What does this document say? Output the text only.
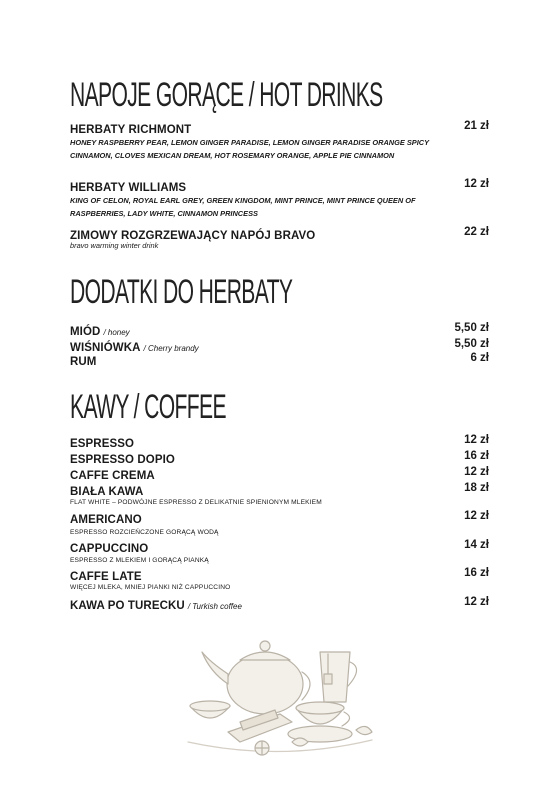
NAPOJE GORĄCE / HOT DRINKS
HERBATY RICHMONT	21 zł
HONEY RASPBERRY PEAR, LEMON GINGER PARADISE, LEMON GINGER PARADISE ORANGE SPICY CINNAMON, CLOVES MEXICAN DREAM, HOT ROSEMARY ORANGE, APPLE PIE CINNAMON
HERBATY WILLIAMS	12 zł
KING OF CELON, ROYAL EARL GREY, GREEN KINGDOM, MINT PRINCE, MINT PRINCE QUEEN OF RASPBERRIES, LADY WHITE, CINNAMON PRINCESS
ZIMOWY ROZGRZEWAJĄCY NAPÓJ BRAVO	22 zł
bravo warming winter drink
DODATKI DO HERBATY
MIÓD / honey	5,50 zł
WIŚNIÓWKA / Cherry brandy	5,50 zł
RUM	6 zł
KAWY / COFFEE
ESPRESSO	12 zł
ESPRESSO DOPIO	16 zł
CAFFE CREMA	12 zł
BIAŁA KAWA	18 zł
FLAT WHITE – PODWÓJNE ESPRESSO Z DELIKATNIE SPIENIONYM MLEKIEM
AMERICANO	12 zł
ESPRESSO ROZCIEŃCZONE GORĄCĄ WODĄ
CAPPUCCINO	14 zł
ESPRESSO Z MLEKIEM I GORĄCĄ PIANKĄ
CAFFE LATE	16 zł
WIĘCEJ MLEKA, MNIEJ PIANKI NIŻ CAPPUCCINO
KAWA PO TURECKU / Turkish coffee	12 zł
